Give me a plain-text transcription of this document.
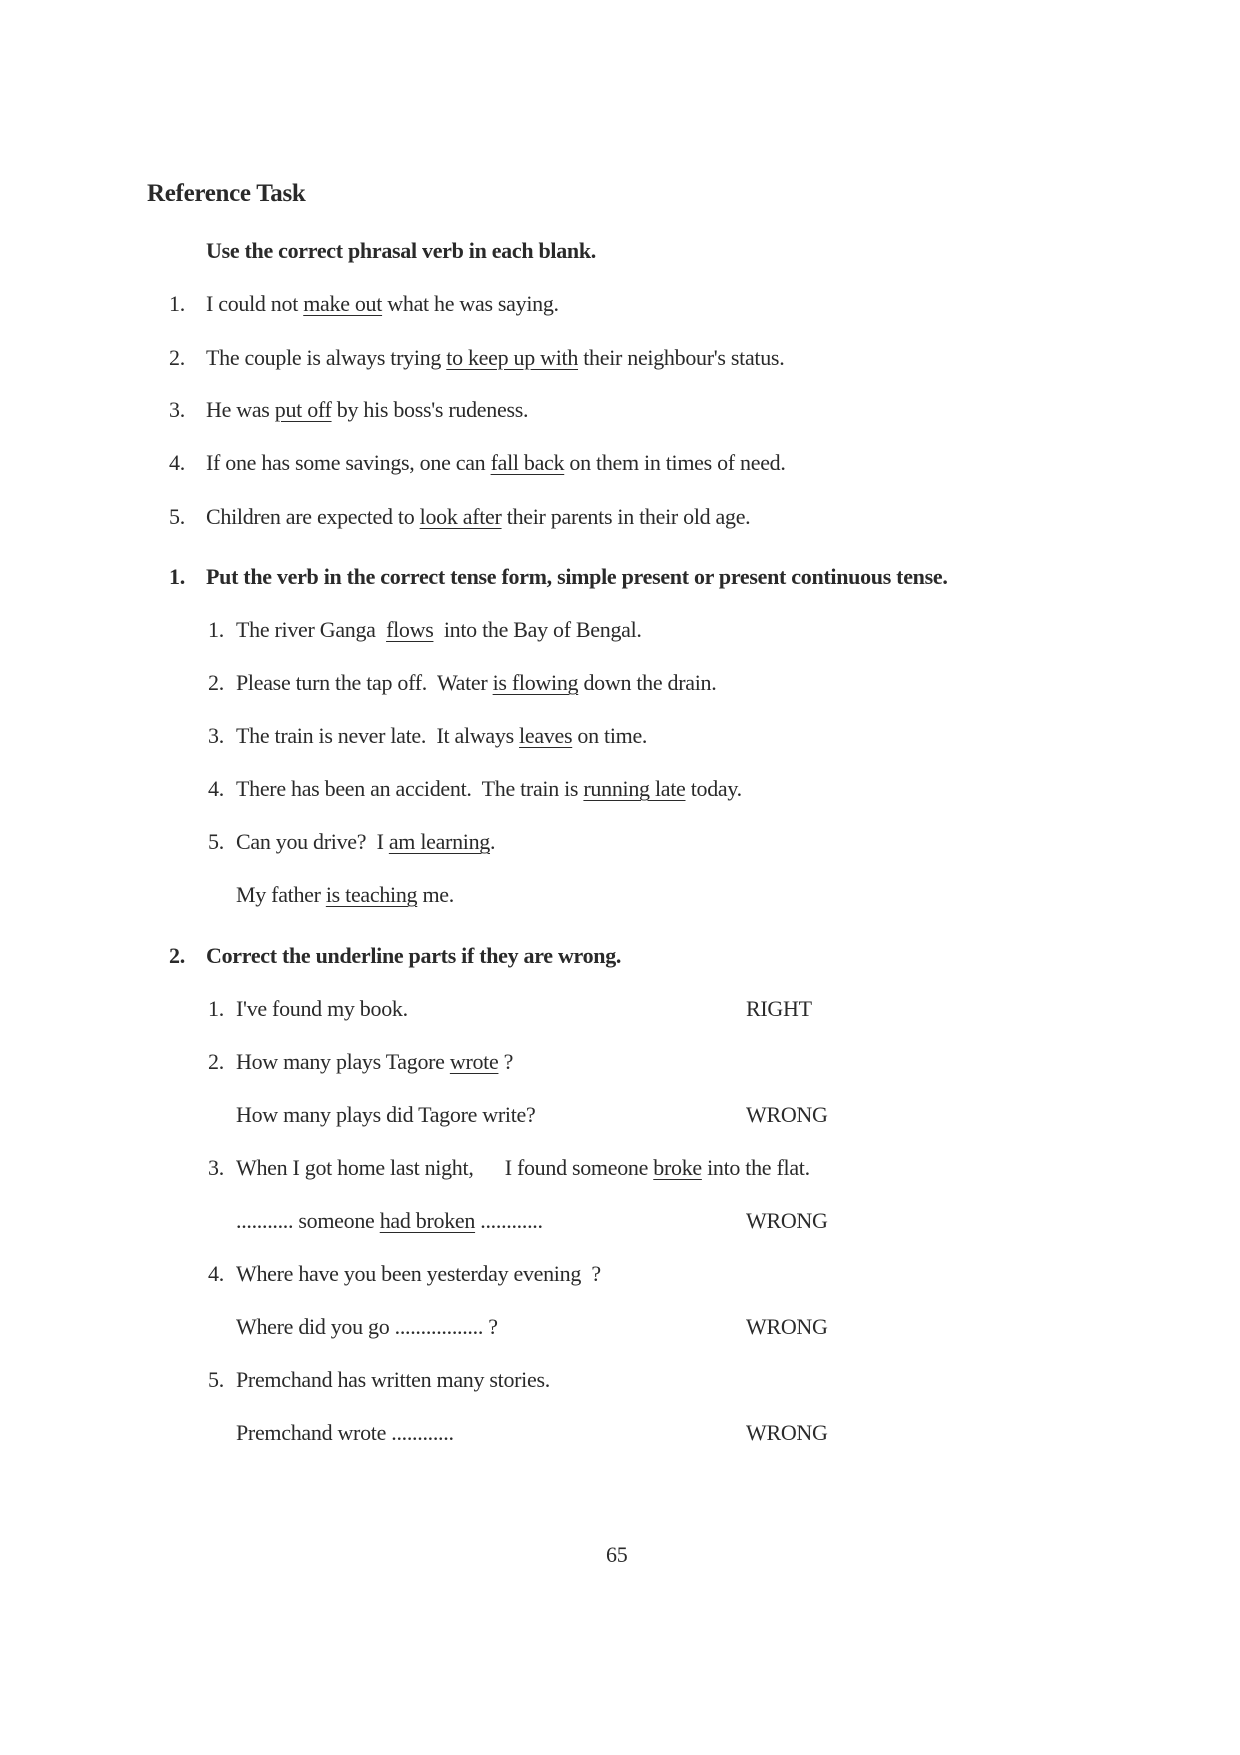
Reference Task
Use the correct phrasal verb in each blank.
1. I could not make out what he was saying.
2. The couple is always trying to keep up with their neighbour's status.
3. He was put off by his boss's rudeness.
4. If one has some savings, one can fall back on them in times of need.
5. Children are expected to look after their parents in their old age.
1. Put the verb in the correct tense form, simple present or present continuous tense.
1. The river Ganga  flows  into the Bay of Bengal.
2. Please turn the tap off.  Water is flowing down the drain.
3. The train is never late.  It always leaves on time.
4. There has been an accident.  The train is running late today.
5. Can you drive?  I am learning.
My father is teaching me.
2. Correct the underline parts if they are wrong.
1. I've found my book.	RIGHT
2. How many plays Tagore wrote ?
How many plays did Tagore write?	WRONG
3. When I got home last night,      I found someone broke into the flat.
........... someone had broken ............	WRONG
4. Where have you been yesterday evening  ?
Where did you go ................. ?	WRONG
5. Premchand has written many stories.
Premchand wrote ............	WRONG
65
